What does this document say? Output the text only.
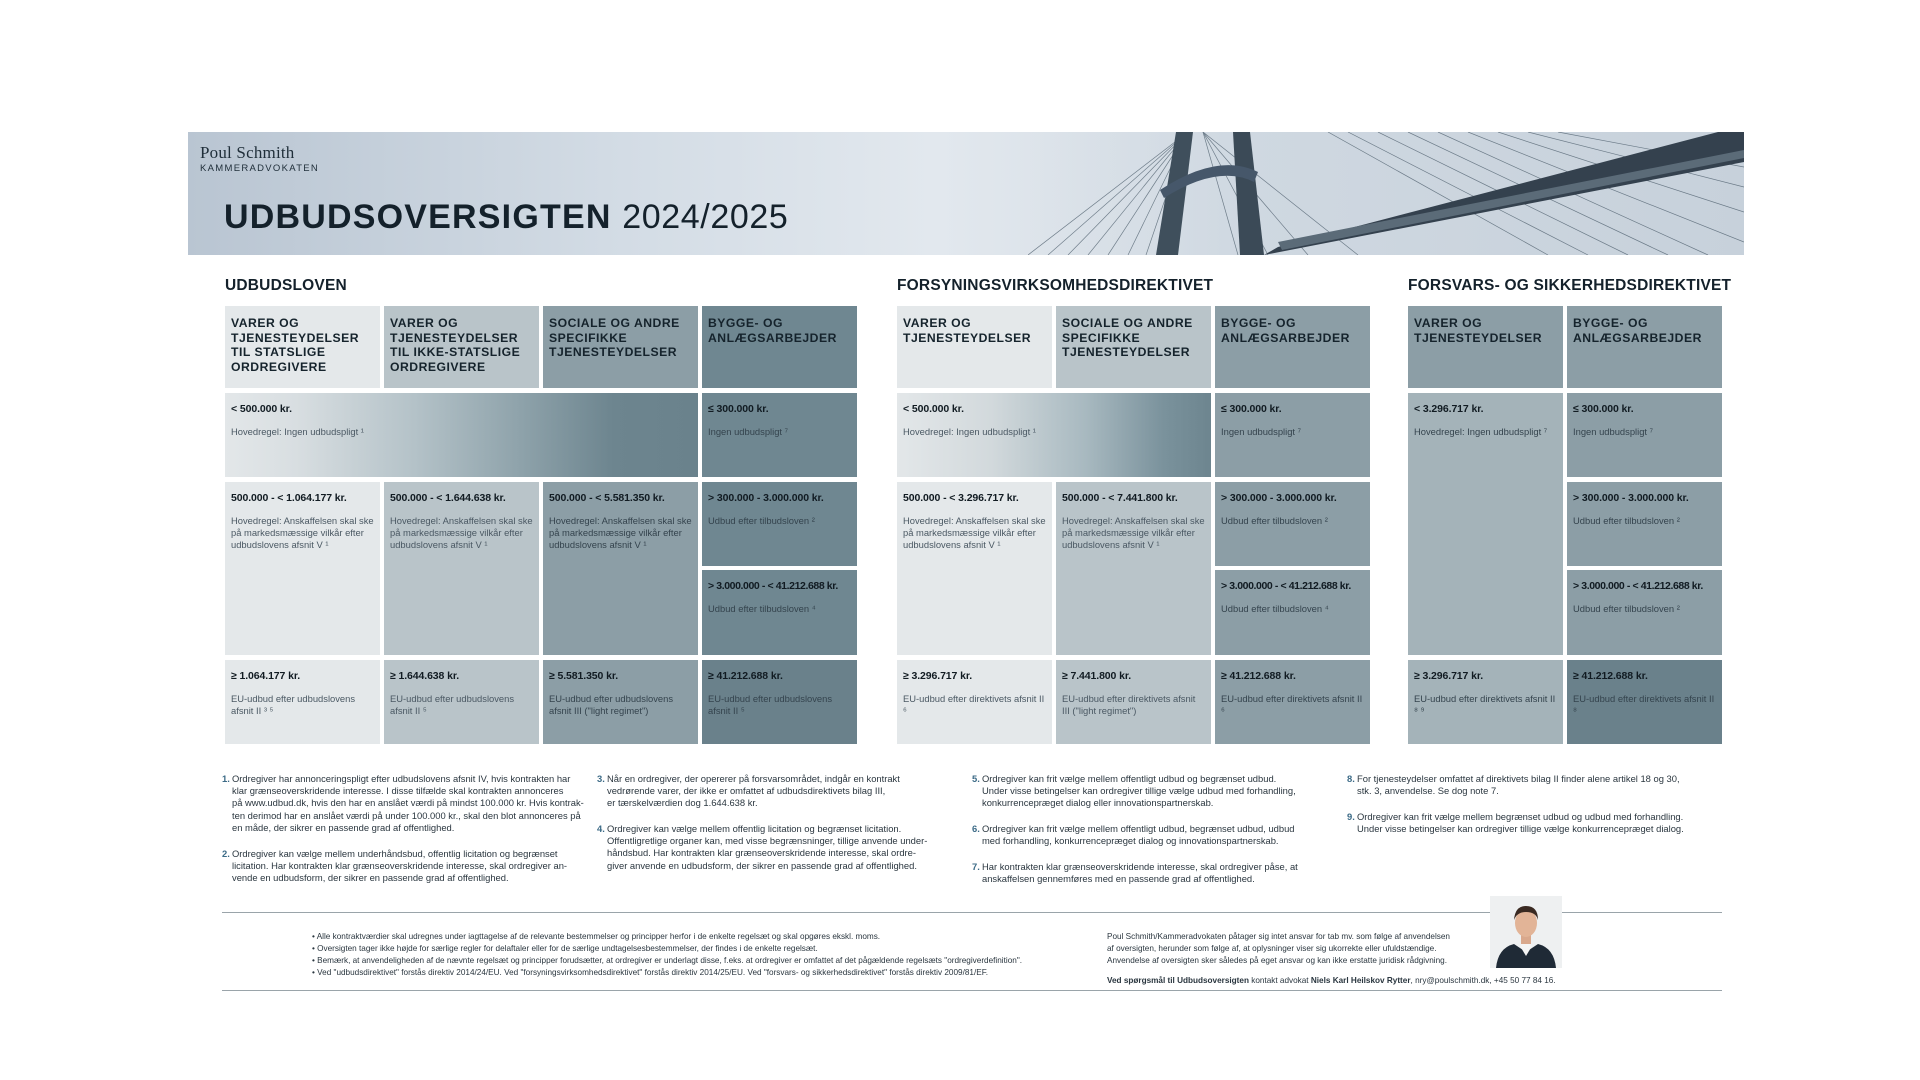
Poul Schmith
KAMMERADVOKATEN
UDBUDSOVERSIGTEN 2024/2025
UDBUDSLOVEN	FORSYNINGSVIRKSOMHEDSDIREKTIVET	FORSVARS- OG SIKKERHEDSDIREKTIVET
VARER OG TJENESTEYDELSER TIL STATSLIGE ORDREGIVERE
VARER OG TJENESTEYDELSER TIL IKKE-STATSLIGE ORDREGIVERE
SOCIALE OG ANDRE SPECIFIKKE TJENESTEYDELSER
BYGGE- OG ANLÆGSARBEJDER
< 500.000 kr.
Hovedregel: Ingen udbudspligt ¹
≤ 300.000 kr.
Ingen udbudspligt ⁷
500.000 - < 1.064.177 kr.
Hovedregel: Anskaffelsen skal ske på markedsmæssige vilkår efter udbudslovens afsnit V ¹
500.000 - < 1.644.638 kr.
Hovedregel: Anskaffelsen skal ske på markedsmæssige vilkår efter udbudslovens afsnit V ¹
500.000 - < 5.581.350 kr.
Hovedregel: Anskaffelsen skal ske på markedsmæssige vilkår efter udbudslovens afsnit V ¹
> 300.000 - 3.000.000 kr.
Udbud efter tilbudsloven ²
> 3.000.000 - < 41.212.688 kr.
Udbud efter tilbudsloven ⁴
≥ 1.064.177 kr.
EU-udbud efter udbudslovens afsnit II ³ ⁵
≥ 1.644.638 kr.
EU-udbud efter udbudslovens afsnit II ⁵
≥ 5.581.350 kr.
EU-udbud efter udbudslovens afsnit III ("light regimet")
≥ 41.212.688 kr.
EU-udbud efter udbudslovens afsnit II ⁵
VARER OG TJENESTEYDELSER
SOCIALE OG ANDRE SPECIFIKKE TJENESTEYDELSER
BYGGE- OG ANLÆGSARBEJDER
< 500.000 kr.
Hovedregel: Ingen udbudspligt ¹
≤ 300.000 kr.
Ingen udbudspligt ⁷
500.000 - < 3.296.717 kr.
Hovedregel: Anskaffelsen skal ske på markedsmæssige vilkår efter udbudslovens afsnit V ¹
500.000 - < 7.441.800 kr.
Hovedregel: Anskaffelsen skal ske på markedsmæssige vilkår efter udbudslovens afsnit V ¹
> 300.000 - 3.000.000 kr.
Udbud efter tilbudsloven ²
> 3.000.000 - < 41.212.688 kr.
Udbud efter tilbudsloven ⁴
≥ 3.296.717 kr.
EU-udbud efter direktivets afsnit II ⁶
≥ 7.441.800 kr.
EU-udbud efter direktivets afsnit III ("light regimet")
≥ 41.212.688 kr.
EU-udbud efter direktivets afsnit II ⁶
VARER OG TJENESTEYDELSER
BYGGE- OG ANLÆGSARBEJDER
< 3.296.717 kr.
Hovedregel: Ingen udbudspligt ⁷
≤ 300.000 kr.
Ingen udbudspligt ⁷
> 300.000 - 3.000.000 kr.
Udbud efter tilbudsloven ²
> 3.000.000 - < 41.212.688 kr.
Udbud efter tilbudsloven ²
≥ 3.296.717 kr.
EU-udbud efter direktivets afsnit II ⁸ ⁹
≥ 41.212.688 kr.
EU-udbud efter direktivets afsnit II ⁸
1. Ordregiver har annonceringspligt efter udbudslovens afsnit IV, hvis kontrakten har
klar grænseoverskridende interesse. I disse tilfælde skal kontrakten annonceres
på www.udbud.dk, hvis den har en anslået værdi på mindst 100.000 kr. Hvis kontrak-
ten derimod har en anslået værdi på under 100.000 kr., skal den blot annonceres på
en måde, der sikrer en passende grad af offentlighed.
2. Ordregiver kan vælge mellem underhåndsbud, offentlig licitation og begrænset
licitation. Har kontrakten klar grænseoverskridende interesse, skal ordregiver an-
vende en udbudsform, der sikrer en passende grad af offentlighed.
3. Når en ordregiver, der opererer på forsvarsområdet, indgår en kontrakt
vedrørende varer, der ikke er omfattet af udbudsdirektivets bilag III,
er tærskelværdien dog 1.644.638 kr.
4. Ordregiver kan vælge mellem offentlig licitation og begrænset licitation.
Offentligretlige organer kan, med visse begrænsninger, tillige anvende under-
håndsbud. Har kontrakten klar grænseoverskridende interesse, skal ordre-
giver anvende en udbudsform, der sikrer en passende grad af offentlighed.
5. Ordregiver kan frit vælge mellem offentligt udbud og begrænset udbud.
Under visse betingelser kan ordregiver tillige vælge udbud med forhandling,
konkurrencepræget dialog eller innovationspartnerskab.
6. Ordregiver kan frit vælge mellem offentligt udbud, begrænset udbud, udbud
med forhandling, konkurrencepræget dialog og innovationspartnerskab.
7. Har kontrakten klar grænseoverskridende interesse, skal ordregiver påse, at
anskaffelsen gennemføres med en passende grad af offentlighed.
8. For tjenesteydelser omfattet af direktivets bilag II finder alene artikel 18 og 30,
stk. 3, anvendelse. Se dog note 7.
9. Ordregiver kan frit vælge mellem begrænset udbud og udbud med forhandling.
Under visse betingelser kan ordregiver tillige vælge konkurrencepræget dialog.
• Alle kontraktværdier skal udregnes under iagttagelse af de relevante bestemmelser og principper herfor i de enkelte regelsæt og skal opgøres ekskl. moms.
• Oversigten tager ikke højde for særlige regler for delaftaler eller for de særlige undtagelsesbestemmelser, der findes i de enkelte regelsæt.
• Bemærk, at anvendeligheden af de nævnte regelsæt og principper forudsætter, at ordregiver er underlagt disse, f.eks. at ordregiver er omfattet af det pågældende regelsæts "ordregiverdefinition".
• Ved "udbudsdirektivet" forstås direktiv 2014/24/EU. Ved "forsyningsvirksomhedsdirektivet" forstås direktiv 2014/25/EU. Ved "forsvars- og sikkerhedsdirektivet" forstås direktiv 2009/81/EF.
Poul Schmith/Kammeradvokaten påtager sig intet ansvar for tab mv. som følge af anvendelsen
af oversigten, herunder som følge af, at oplysninger viser sig ukorrekte eller ufuldstændige.
Anvendelse af oversigten sker således på eget ansvar og kan ikke erstatte juridisk rådgivning.
Ved spørgsmål til Udbudsoversigten kontakt advokat Niels Karl Heilskov Rytter, nry@poulschmith.dk, +45 50 77 84 16.
